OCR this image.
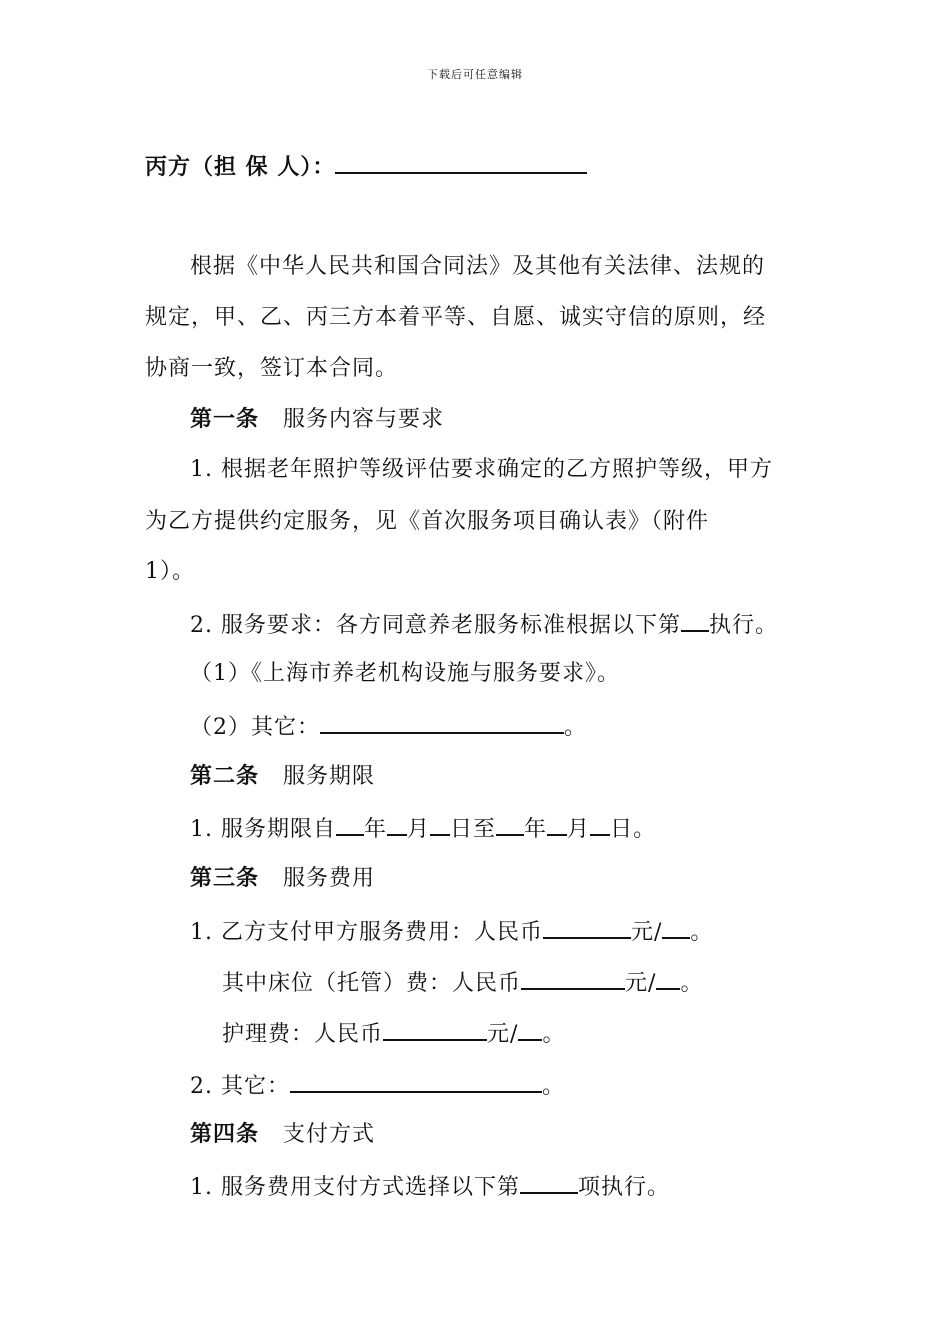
下载后可任意编辑
丙方（担 保 人）：
根据《中华人民共和国合同法》及其他有关法律、法规的
规定，甲、乙、丙三方本着平等、自愿、诚实守信的原则，经
协商一致，签订本合同。
第一条 服务内容与要求
1. 根据老年照护等级评估要求确定的乙方照护等级，甲方
为乙方提供约定服务，见《首次服务项目确认表》（附件
1）。
2. 服务要求：各方同意养老服务标准根据以下第 执行。
（1）《上海市养老机构设施与服务要求》。
（2）其它：	。
第二条 服务期限
1. 服务期限自 年 月 日至 年 月 日。
第三条 服务费用
1. 乙方支付甲方服务费用：人民币	元/ 。
其中床位（托管）费：人民币	元/ 。
护理费：人民币	元/ 。
2. 其它：	。
第四条 支付方式
1. 服务费用支付方式选择以下第	项执行。
